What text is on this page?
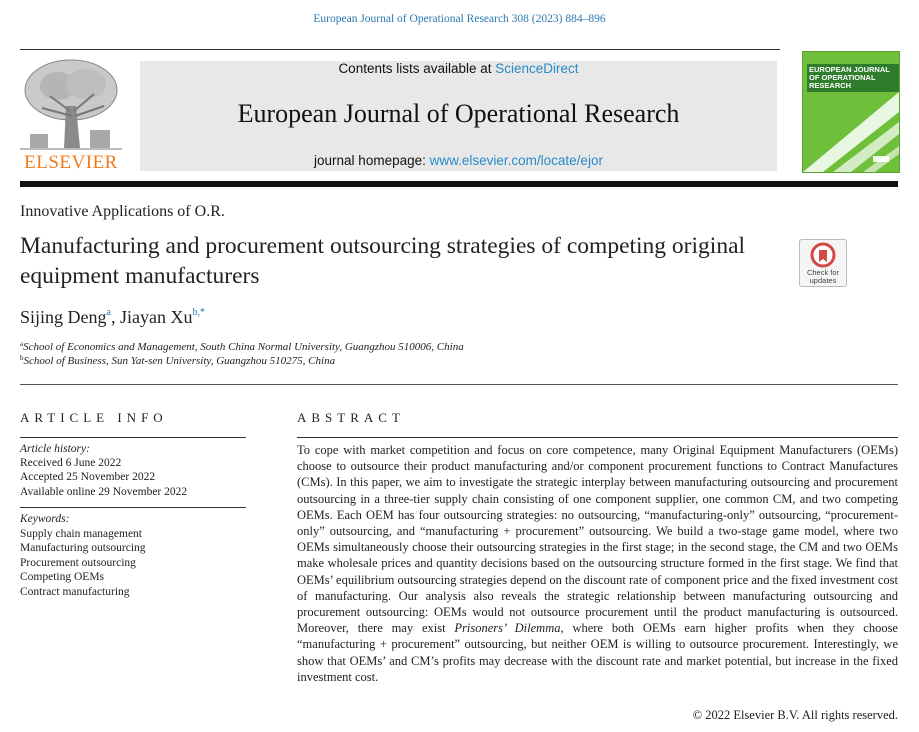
European Journal of Operational Research 308 (2023) 884–896
ELSEVIER
Contents lists available at ScienceDirect
European Journal of Operational Research
journal homepage: www.elsevier.com/locate/ejor
EUROPEAN JOURNAL OF OPERATIONAL RESEARCH
Innovative Applications of O.R.
Manufacturing and procurement outsourcing strategies of competing original equipment manufacturers	Check for updates
Sijing Deng$^a$, Jiayan $Xu^{b,*}$
$^a$School of Economics and Management, South China Normal University, Guangzhou 510006, China
$^b$School of Business, Sun Yat-sen University, Guangzhou 510275, China
ARTICLE INFO
Article history:
Received 6 June 2022
Accepted 25 November 2022
Available online 29 November 2022
Keywords:
Supply chain management
Manufacturing outsourcing
Procurement outsourcing
Competing OEMs
Contract manufacturing
ABSTRACT
To cope with market competition and focus on core competence, many Original Equipment Manufacturers (OEMs) choose to outsource their product manufacturing and/or component procurement functions to Contract Manufactures (CMs). In this paper, we aim to investigate the strategic interplay between manufacturing outsourcing and procurement outsourcing in a three-tier supply chain consisting of one component supplier, one common CM, and two competing OEMs. Each OEM has four outsourcing strategies: no outsourcing, “manufacturing-only” outsourcing, “procurement-only” outsourcing, and “manufacturing + procurement” outsourcing. We build a two-stage game model, where two OEMs simultaneously choose their outsourcing strategies in the first stage; in the second stage, the CM and two OEMs make wholesale prices and quantity decisions based on the outsourcing structure formed in the first stage. We find that OEMs’ equilibrium outsourcing strategies depend on the discount rate of component price and the fixed investment cost of manufacturing. Our analysis also reveals the strategic relationship between manufacturing outsourcing and procurement outsourcing: OEMs would not outsource procurement until the product manufacturing is outsourced. Moreover, there may exist Prisoners’ Dilemma, where both OEMs earn higher profits when they choose “manufacturing + procurement” outsourcing, but neither OEM is willing to outsource procurement. Interestingly, we show that OEMs’ and CM’s profits may decrease with the discount rate and market potential, but increase in the fixed investment cost.
© 2022 Elsevier B.V. All rights reserved.
